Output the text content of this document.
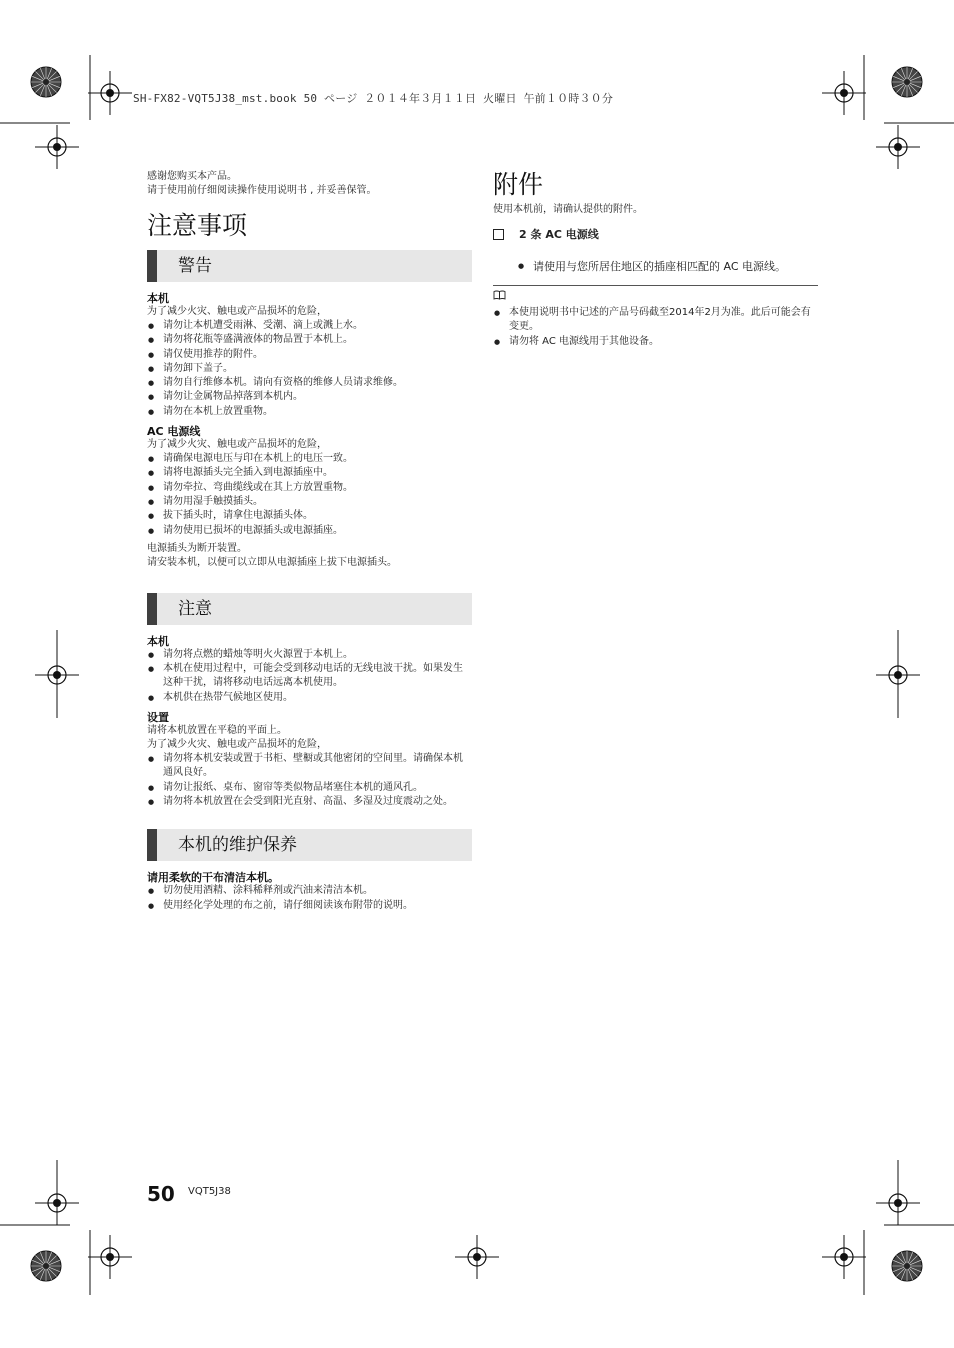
SH-FX82-VQT5J38_mst.book 50 ページ ２０１４年３月１１日 火曜日 午前１０時３０分

感谢您购买本产品。

请于使用前仔细阅读操作使用说明书 , 并妥善保管。

注意事项
警告

本机

为了减少火灾、触电或产品损坏的危险，

● 请勿让本机遭受雨淋、受潮、滴上或溅上水。
● 请勿将花瓶等盛满液体的物品置于本机上。
● 请仅使用推荐的附件。
● 请勿卸下盖子。
● 请勿自行维修本机。请向有资格的维修人员请求维修。
● 请勿让金属物品掉落到本机内。
● 请勿在本机上放置重物。

AC 电源线

为了减少火灾、触电或产品损坏的危险，

● 请确保电源电压与印在本机上的电压一致。
● 请将电源插头完全插入到电源插座中。
● 请勿牵拉、弯曲缆线或在其上方放置重物。
● 请勿用湿手触摸插头。
● 拔下插头时，请拿住电源插头体。
● 请勿使用已损坏的电源插头或电源插座。

电源插头为断开装置。

请安装本机，以便可以立即从电源插座上拔下电源插头。

注意

本机

● 请勿将点燃的蜡烛等明火火源置于本机上。
● 本机在使用过程中，可能会受到移动电话的无线电波干扰。如果发生这种干扰，请将移动电话远离本机使用。
● 本机供在热带气候地区使用。

设置

请将本机放置在平稳的平面上。

为了减少火灾、触电或产品损坏的危险，

● 请勿将本机安装或置于书柜、壁橱或其他密闭的空间里。请确保本机通风良好。
● 请勿让报纸、桌布、窗帘等类似物品堵塞住本机的通风孔。
● 请勿将本机放置在会受到阳光直射、高温、多湿及过度震动之处。
本机的维护保养

请用柔软的干布清洁本机。

● 切勿使用酒精、涂料稀释剂或汽油来清洁本机。
● 使用经化学处理的布之前，请仔细阅读该布附带的说明。
附件

使用本机前，请确认提供的附件。

2 条 AC 电源线
● 请使用与您所居住地区的插座相匹配的 AC 电源线。
● 本使用说明书中记述的产品号码截至2014年2月为准。此后可能会有变更。
● 请勿将 AC 电源线用于其他设备。
50 VQT5J38
